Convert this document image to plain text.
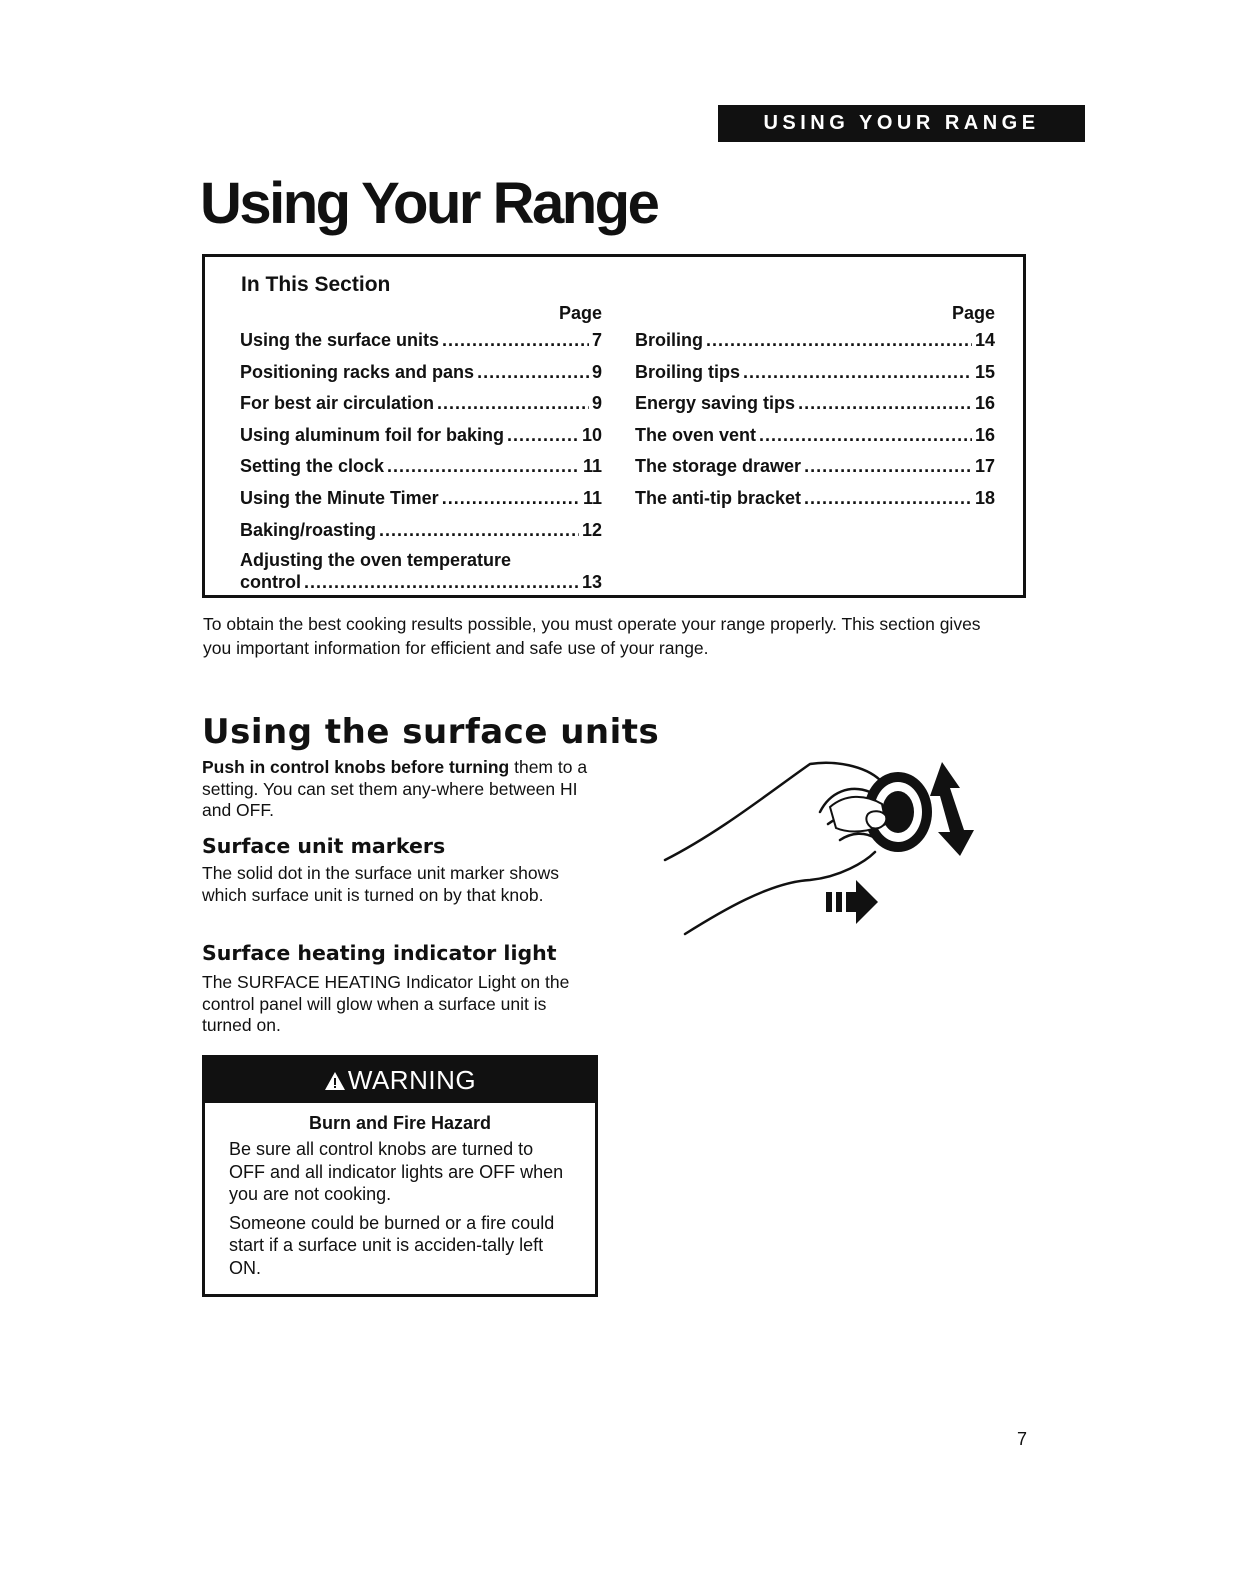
USING YOUR RANGE
Using Your Range
In This Section
Page
Using the surface units .....	7
Positioning racks and pans .....	9
For best air circulation .....	9
Using aluminum foil for baking .....	10
Setting the clock .....	11
Using the Minute Timer .....	11
Baking/roasting .....	12
Adjusting the oven temperature
control .....	13
Page
Broiling .....	14
Broiling tips .....	15
Energy saving tips .....	16
The oven vent .....	16
The storage drawer .....	17
The anti-tip bracket .....	18

To obtain the best cooking results possible, you must operate your range properly. This section gives you important information for efficient and safe use of your range.

Using the surface units
Push in control knobs before turning them to a setting. You can set them any-where between HI and OFF.
Surface unit markers
The solid dot in the surface unit marker shows which surface unit is turned on by that knob.
Surface heating indicator light
The SURFACE HEATING Indicator Light on the control panel will glow when a surface unit is turned on.
WARNING
Burn and Fire Hazard

Be sure all control knobs are turned to OFF and all indicator lights are OFF when you are not cooking.

Someone could be burned or a fire could start if a surface unit is acciden-tally left ON.

7
